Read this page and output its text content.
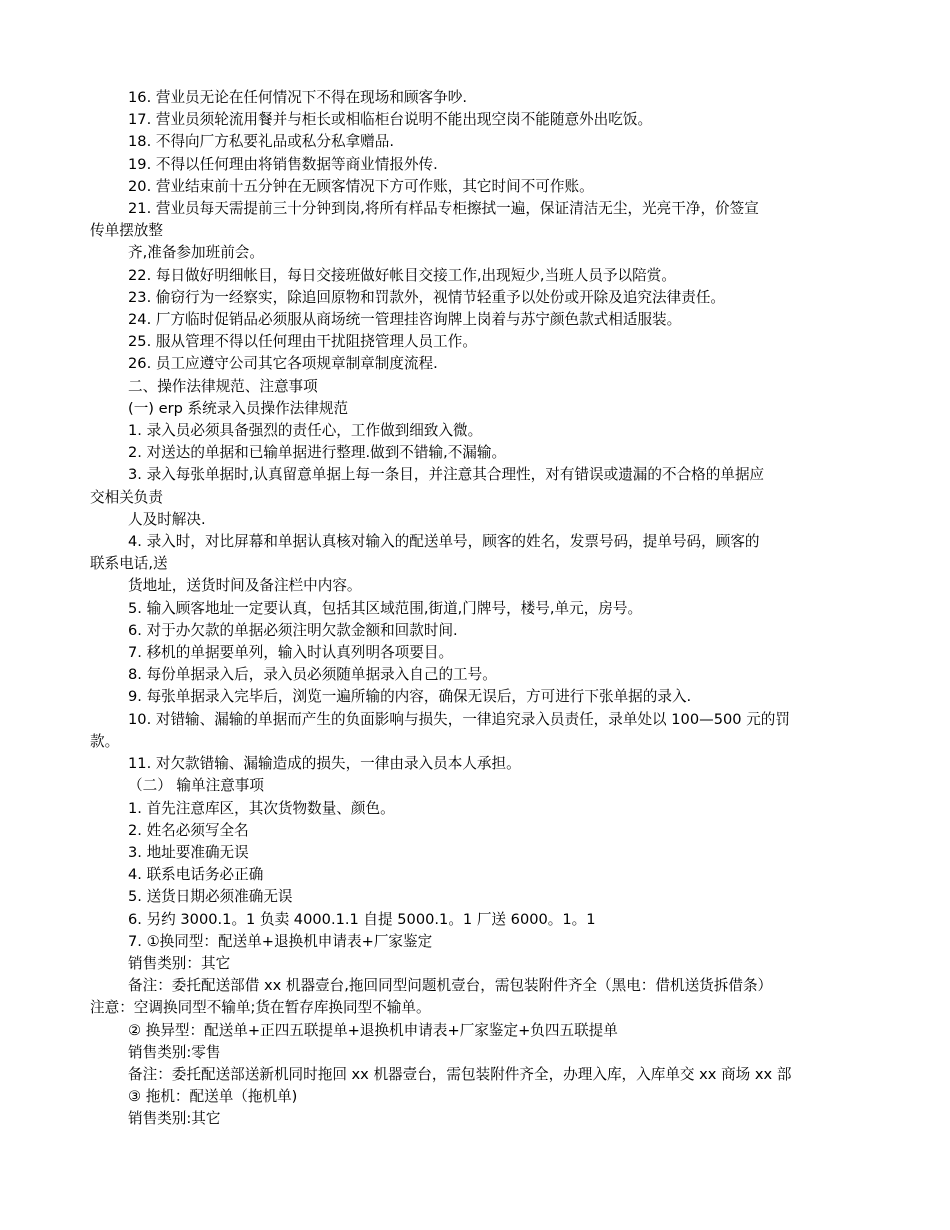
16. 营业员无论在任何情况下不得在现场和顾客争吵.
17. 营业员须轮流用餐并与柜长或相临柜台说明不能出现空岗不能随意外出吃饭。
18. 不得向厂方私要礼品或私分私拿赠品.
19. 不得以任何理由将销售数据等商业情报外传.
20. 营业结束前十五分钟在无顾客情况下方可作账，其它时间不可作账。
21. 营业员每天需提前三十分钟到岗,将所有样品专柜擦拭一遍，保证清洁无尘，光亮干净，价签宣
传单摆放整
齐,准备参加班前会。
22. 每日做好明细帐目，每日交接班做好帐目交接工作,出现短少,当班人员予以陪赏。
23. 偷窃行为一经察实，除追回原物和罚款外，视情节轻重予以处份或开除及追究法律责任。
24. 厂方临时促销品必须服从商场统一管理挂咨询牌上岗着与苏宁颜色款式相适服装。
25. 服从管理不得以任何理由干扰阻挠管理人员工作。
26. 员工应遵守公司其它各项规章制章制度流程.
二、操作法律规范、注意事项
(一) erp 系统录入员操作法律规范
1. 录入员必须具备强烈的责任心，工作做到细致入微。
2. 对送达的单据和已输单据进行整理.做到不错输,不漏输。
3. 录入每张单据时,认真留意单据上每一条目，并注意其合理性，对有错误或遗漏的不合格的单据应
交相关负责
人及时解决.
4. 录入时，对比屏幕和单据认真核对输入的配送单号，顾客的姓名，发票号码，提单号码，顾客的
联系电话,送
货地址，送货时间及备注栏中内容。
5. 输入顾客地址一定要认真，包括其区域范围,街道,门牌号，楼号,单元，房号。
6. 对于办欠款的单据必须注明欠款金额和回款时间.
7. 移机的单据要单列，输入时认真列明各项要目。
8. 每份单据录入后，录入员必须随单据录入自己的工号。
9. 每张单据录入完毕后，浏览一遍所输的内容，确保无误后，方可进行下张单据的录入.
10. 对错输、漏输的单据而产生的负面影响与损失，一律追究录入员责任，录单处以 100—500 元的罚
款。
11. 对欠款错输、漏输造成的损失，一律由录入员本人承担。
（二） 输单注意事项
1. 首先注意库区，其次货物数量、颜色。
2. 姓名必须写全名
3. 地址要准确无误
4. 联系电话务必正确
5. 送货日期必须准确无误
6. 另约 3000.1。1 负卖 4000.1.1 自提 5000.1。1 厂送 6000。1。1
7. ①换同型：配送单+退换机申请表+厂家鉴定
销售类别：其它
备注：委托配送部借 xx 机器壹台,拖回同型问题机壹台，需包装附件齐全（黑电：借机送货拆借条）
注意：空调换同型不输单;货在暂存库换同型不输单。
② 换异型：配送单+正四五联提单+退换机申请表+厂家鉴定+负四五联提单
销售类别:零售
备注：委托配送部送新机同时拖回 xx 机器壹台，需包装附件齐全，办理入库，入库单交 xx 商场 xx 部
③ 拖机：配送单（拖机单)
销售类别:其它
